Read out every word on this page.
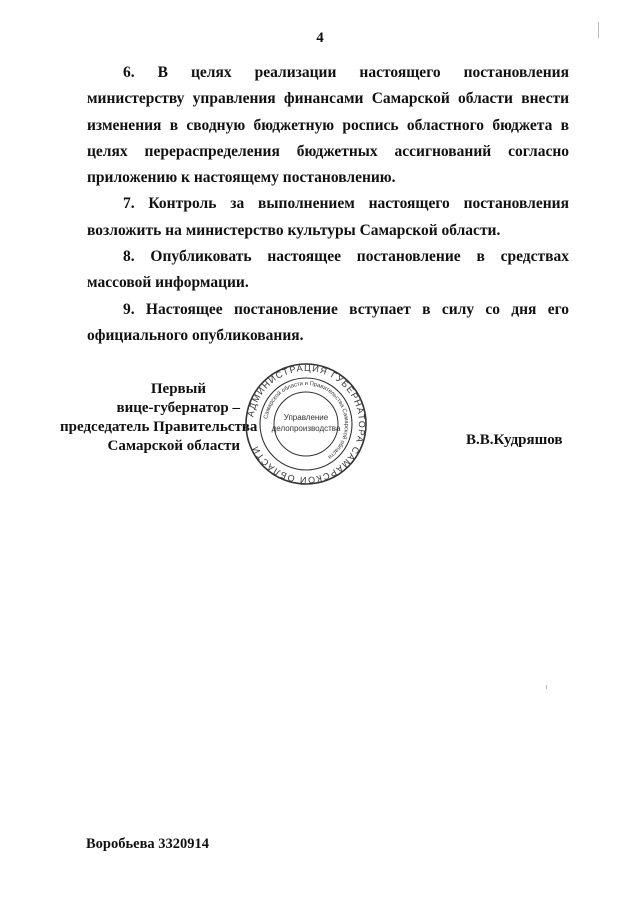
4

6. В целях реализации настоящего постановления министерству управления финансами Самарской области внести изменения в сводную бюджетную роспись областного бюджета в целях перераспределения бюджетных ассигнований согласно приложению к настоящему постановлению.

7. Контроль за выполнением настоящего постановления возложить на министерство культуры Самарской области.

8. Опубликовать настоящее постановление в средствах массовой информации.

9. Настоящее постановление вступает в силу со дня его официального опубликования.

Первый
вице-губернатор –
председатель Правительства
Самарской области	В.В.Кудряшов
АДМИНИСТРАЦИЯ ГУБЕРНАТОРА САМАРСКОЙ ОБЛАСТИ
Самарской области и Правительства Самарской области
Управление
делопроизводства
Воробьева 3320914
